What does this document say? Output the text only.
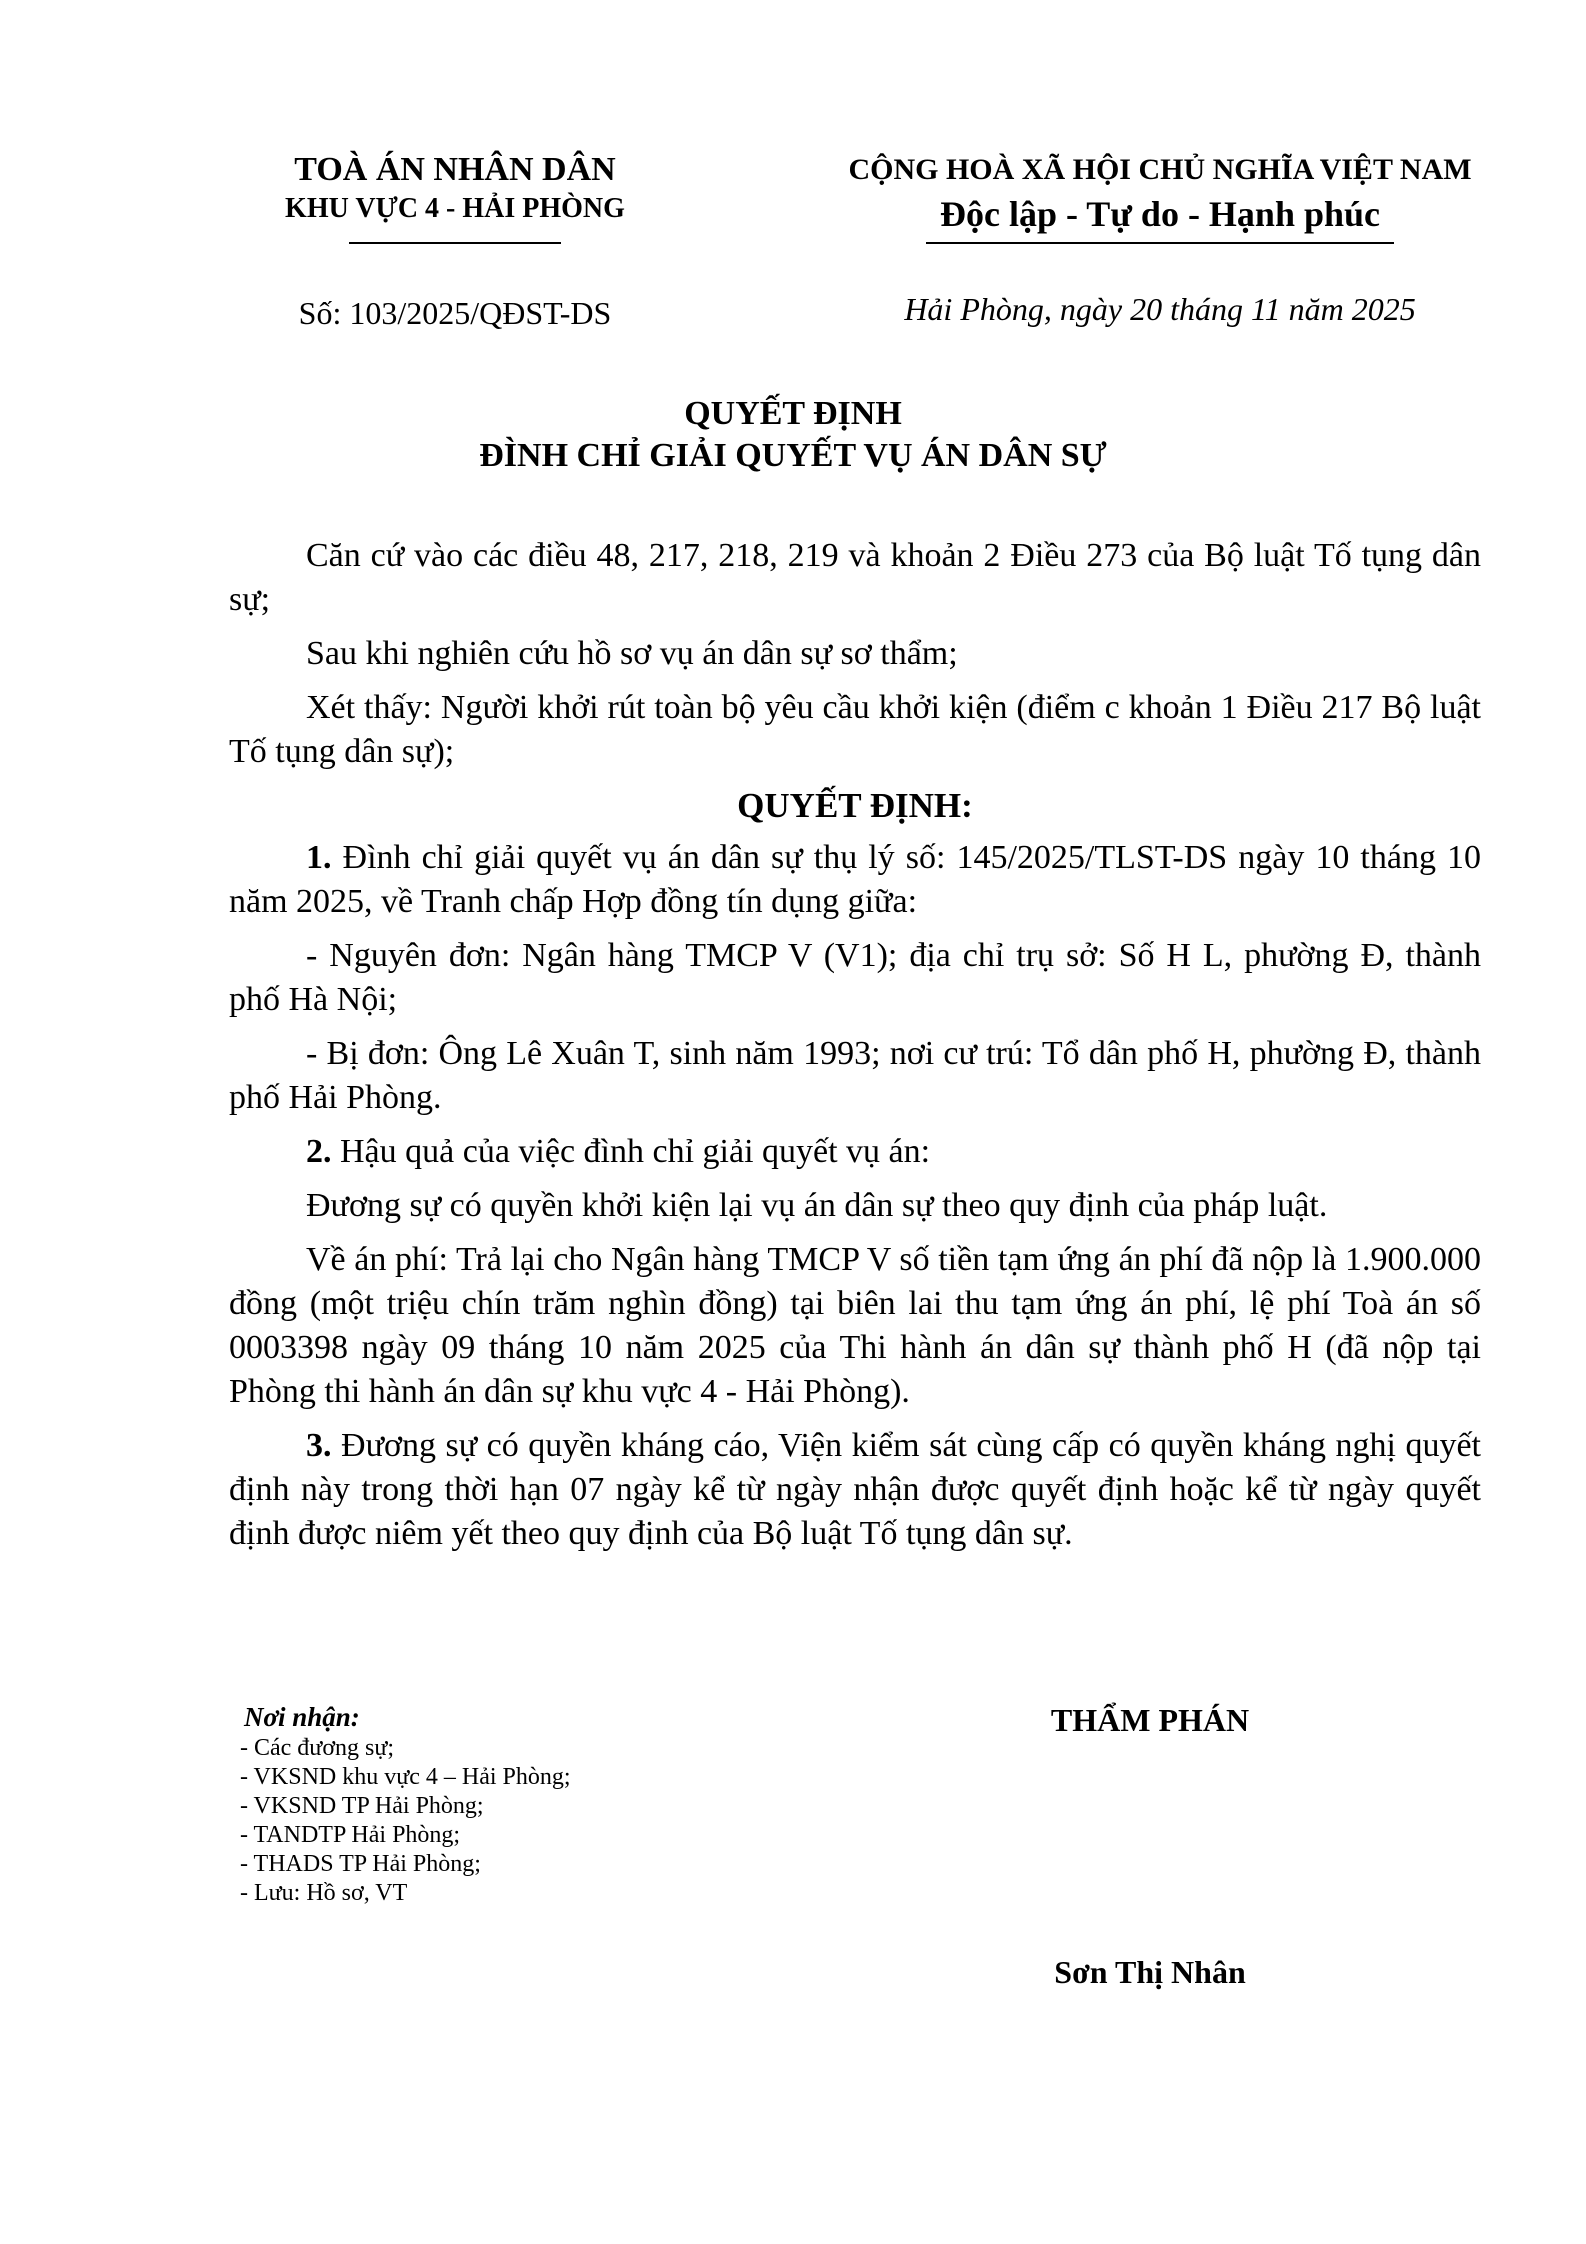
TOÀ ÁN NHÂN DÂN
KHU VỰC 4 - HẢI PHÒNG
CỘNG HOÀ XÃ HỘI CHỦ NGHĨA VIỆT NAM
Độc lập - Tự do - Hạnh phúc
Số: 103/2025/QĐST-DS	Hải Phòng, ngày 20 tháng 11 năm 2025
QUYẾT ĐỊNH
ĐÌNH CHỈ GIẢI QUYẾT VỤ ÁN DÂN SỰ

Căn cứ vào các điều 48, 217, 218, 219 và khoản 2 Điều 273 của Bộ luật Tố tụng dân sự;

Sau khi nghiên cứu hồ sơ vụ án dân sự sơ thẩm;

Xét thấy: Người khởi rút toàn bộ yêu cầu khởi kiện (điểm c khoản 1 Điều 217 Bộ luật Tố tụng dân sự);

QUYẾT ĐỊNH:

1. Đình chỉ giải quyết vụ án dân sự thụ lý số: 145/2025/TLST-DS ngày 10 tháng 10 năm 2025, về Tranh chấp Hợp đồng tín dụng giữa:

- Nguyên đơn: Ngân hàng TMCP V (V1); địa chỉ trụ sở: Số H L, phường Đ, thành phố Hà Nội;

- Bị đơn: Ông Lê Xuân T, sinh năm 1993; nơi cư trú: Tổ dân phố H, phường Đ, thành phố Hải Phòng.

2. Hậu quả của việc đình chỉ giải quyết vụ án:

Đương sự có quyền khởi kiện lại vụ án dân sự theo quy định của pháp luật.

Về án phí: Trả lại cho Ngân hàng TMCP V số tiền tạm ứng án phí đã nộp là 1.900.000 đồng (một triệu chín trăm nghìn đồng) tại biên lai thu tạm ứng án phí, lệ phí Toà án số 0003398 ngày 09 tháng 10 năm 2025 của Thi hành án dân sự thành phố H (đã nộp tại Phòng thi hành án dân sự khu vực 4 - Hải Phòng).

3. Đương sự có quyền kháng cáo, Viện kiểm sát cùng cấp có quyền kháng nghị quyết định này trong thời hạn 07 ngày kể từ ngày nhận được quyết định hoặc kể từ ngày quyết định được niêm yết theo quy định của Bộ luật Tố tụng dân sự.

Nơi nhận:
- Các đương sự;
- VKSND khu vực 4 – Hải Phòng;
- VKSND TP Hải Phòng;
- TANDTP Hải Phòng;
- THADS TP Hải Phòng;
- Lưu: Hồ sơ, VT
THẨM PHÁN
Sơn Thị Nhân
